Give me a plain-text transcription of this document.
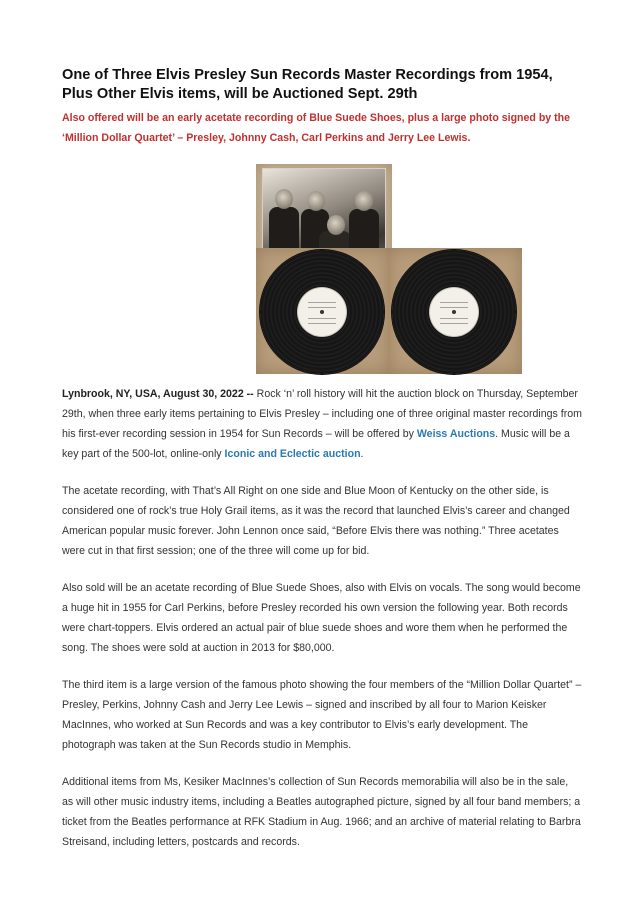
One of Three Elvis Presley Sun Records Master Recordings from 1954, Plus Other Elvis items, will be Auctioned Sept. 29th

Also offered will be an early acetate recording of Blue Suede Shoes, plus a large photo signed by the ‘Million Dollar Quartet’ – Presley, Johnny Cash, Carl Perkins and Jerry Lee Lewis.

Lynbrook, NY, USA, August 30, 2022 -- Rock ‘n’ roll history will hit the auction block on Thursday, September 29th, when three early items pertaining to Elvis Presley – including one of three original master recordings from his first-ever recording session in 1954 for Sun Records – will be offered by Weiss Auctions. Music will be a key part of the 500-lot, online-only Iconic and Eclectic auction.

The acetate recording, with That’s All Right on one side and Blue Moon of Kentucky on the other side, is considered one of rock’s true Holy Grail items, as it was the record that launched Elvis’s career and changed American popular music forever. John Lennon once said, “Before Elvis there was nothing.” Three acetates were cut in that first session; one of the three will come up for bid.

Also sold will be an acetate recording of Blue Suede Shoes, also with Elvis on vocals. The song would become a huge hit in 1955 for Carl Perkins, before Presley recorded his own version the following year. Both records were chart-toppers. Elvis ordered an actual pair of blue suede shoes and wore them when he performed the song. The shoes were sold at auction in 2013 for $80,000.

The third item is a large version of the famous photo showing the four members of the “Million Dollar Quartet” – Presley, Perkins, Johnny Cash and Jerry Lee Lewis – signed and inscribed by all four to Marion Keisker MacInnes, who worked at Sun Records and was a key contributor to Elvis’s early development. The photograph was taken at the Sun Records studio in Memphis.

Additional items from Ms, Kesiker MacInnes’s collection of Sun Records memorabilia will also be in the sale, as will other music industry items, including a Beatles autographed picture, signed by all four band members; a ticket from the Beatles performance at RFK Stadium in Aug. 1966; and an archive of material relating to Barbra Streisand, including letters, postcards and records.
